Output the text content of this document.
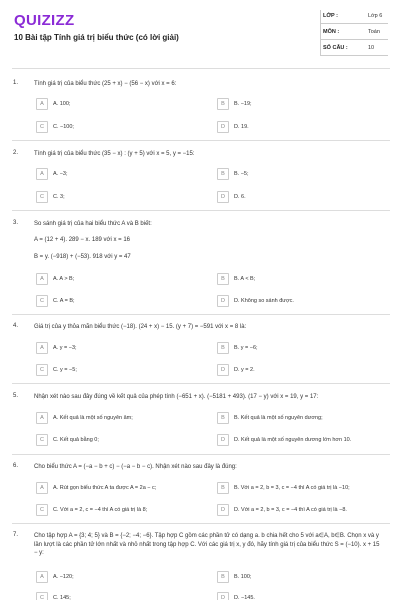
QUIZIZZ
10 Bài tập Tính giá trị biểu thức (có lời giải)
LỚP :	Lớp 6
MÔN :	Toán
SỐ CÂU :	10
1.	Tính giá trị của biểu thức (25 + x) − (56 − x) với x = 6:
A	A. 100;	B	B. −19;
C	C. −100;	D	D. 19.
2.	Tính giá trị của biểu thức (35 − x) : (y + 5) với x = 5, y = −15:
A	A. −3;	B	B. −5;
C	C. 3;	D	D. 6.
3.	So sánh giá trị của hai biểu thức A và B biết:
A = (12 + 4). 289 − x. 189 với x = 16
B = y. (−918) + (−53). 918 với y = 47
A	A. A > B;	B	B. A < B;
C	C. A = B;	D	D. Không so sánh được.
4.	Giá trị của y thỏa mãn biểu thức (−18). (24 + x) − 15. (y + 7) = −591 với x = 8 là:
A	A. y = −3;	B	B. y = −6;
C	C. y = −5;	D	D. y = 2.
5.	Nhận xét nào sau đây đúng về kết quả của phép tính (−651 + x). (−5181 + 493). (17 − y) với x = 19, y = 17:
A	A. Kết quả là một số nguyên âm;	B	B. Kết quả là một số nguyên dương;
C	C. Kết quả bằng 0;	D	D. Kết quả là một số nguyên dương lớn hơn 10.
6.	Cho biểu thức A = (−a − b + c) − (−a − b − c). Nhận xét nào sau đây là đúng:
A	A. Rút gọn biểu thức A ta được A = 2a − c;	B	B. Với a = 2, b = 3, c = −4 thì A có giá trị là −10;
C	C. Với a = 2, c = −4 thì A có giá trị là 8;	D	D. Với a = 2, b = 3, c = −4 thì A có giá trị là −8.
7.	Cho tập hợp A = {3; 4; 5} và B = {−2; −4; −6}. Tập hợp C gồm các phần tử có dạng a. b chia hết cho 5 với a∈A, b∈B. Chọn x và y lần lượt là các phần tử lớn nhất và nhỏ nhất trong tập hợp C. Với các giá trị x, y đó, hãy tính giá trị của biểu thức S = (−10). x + 15 − y:
A	A. −120;	B	B. 100;
C	C. 145;	D	D. −145.
